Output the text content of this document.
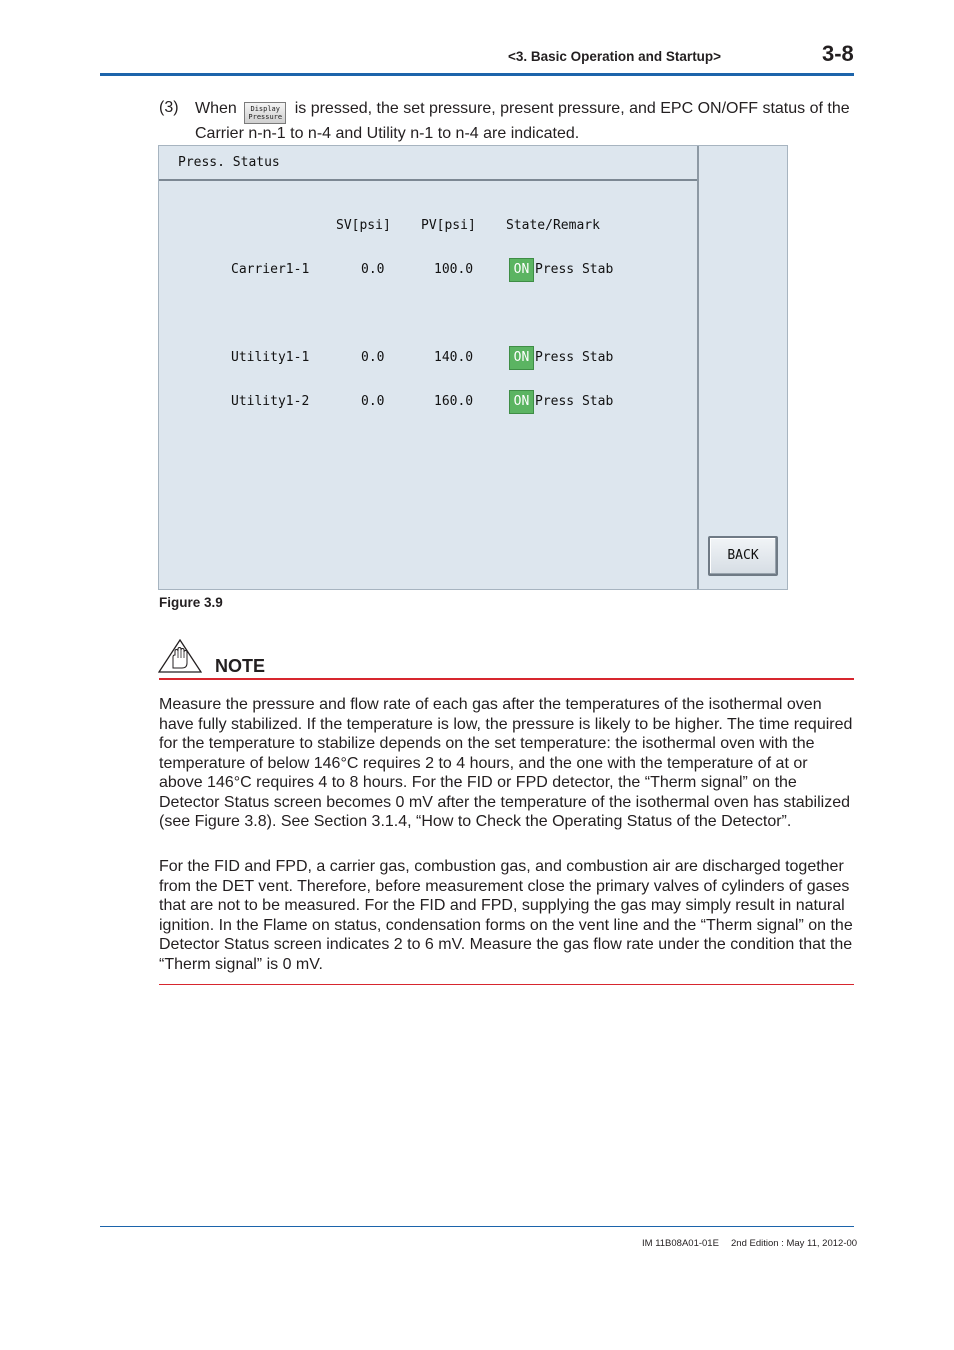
<3. Basic Operation and Startup>	3-8
(3) When	Display
Pressure is pressed, the set pressure, present pressure, and EPC ON/OFF status of the Carrier n-n-1 to n-4 and Utility n-1 to n-4 are indicated.
Press. Status
SV[psi] PV[psi] State/Remark
Carrier1-1	0.0	100.0	ON Press Stab
Utility1-1	0.0	140.0	ON Press Stab
Utility1-2	0.0	160.0	ON Press Stab
BACK
Figure 3.9
NOTE
Measure the pressure and flow rate of each gas after the temperatures of the isothermal oven have fully stabilized. If the temperature is low, the pressure is likely to be higher. The time required for the temperature to stabilize depends on the set temperature: the isothermal oven with the temperature of below 146°C requires 2 to 4 hours, and the one with the temperature of at or above 146°C requires 4 to 8 hours. For the FID or FPD detector, the “Therm signal” on the Detector Status screen becomes 0 mV after the temperature of the isothermal oven has stabilized (see Figure 3.8). See Section 3.1.4, “How to Check the Operating Status of the Detector”.
For the FID and FPD, a carrier gas, combustion gas, and combustion air are discharged together from the DET vent. Therefore, before measurement close the primary valves of cylinders of gases that are not to be measured. For the FID and FPD, supplying the gas may simply result in natural ignition. In the Flame on status, condensation forms on the vent line and the “Therm signal” on the Detector Status screen indicates 2 to 6 mV. Measure the gas flow rate under the condition that the “Therm signal” is 0 mV.
IM 11B08A01-01E 2nd Edition : May 11, 2012-00
